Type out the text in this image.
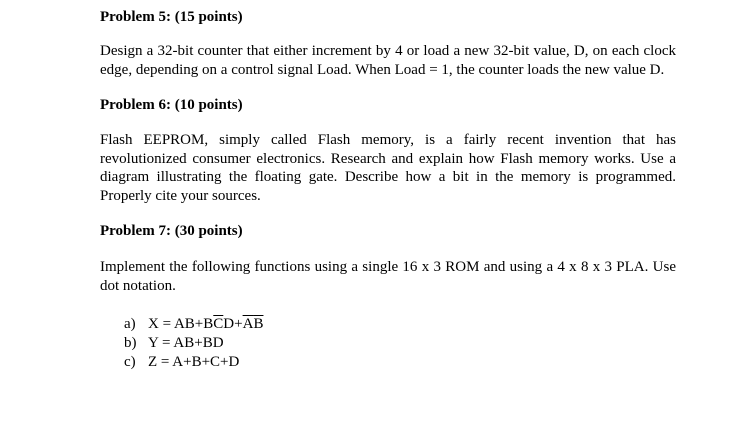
Problem 5: (15 points)

Design a 32-bit counter that either increment by 4 or load a new 32-bit value, D, on each clock edge, depending on a control signal Load. When Load = 1, the counter loads the new value D.

Problem 6: (10 points)

Flash EEPROM, simply called Flash memory, is a fairly recent invention that has revolutionized consumer electronics. Research and explain how Flash memory works. Use a diagram illustrating the floating gate. Describe how a bit in the memory is programmed. Properly cite your sources.

Problem 7: (30 points)

Implement the following functions using a single 16 x 3 ROM and using a 4 x 8 x 3 PLA. Use dot notation.

a) $X = AB+B\overline{C}D+\overline{A}\overline{B}$
b) Y = AB+BD
c) Z = A+B+C+D
